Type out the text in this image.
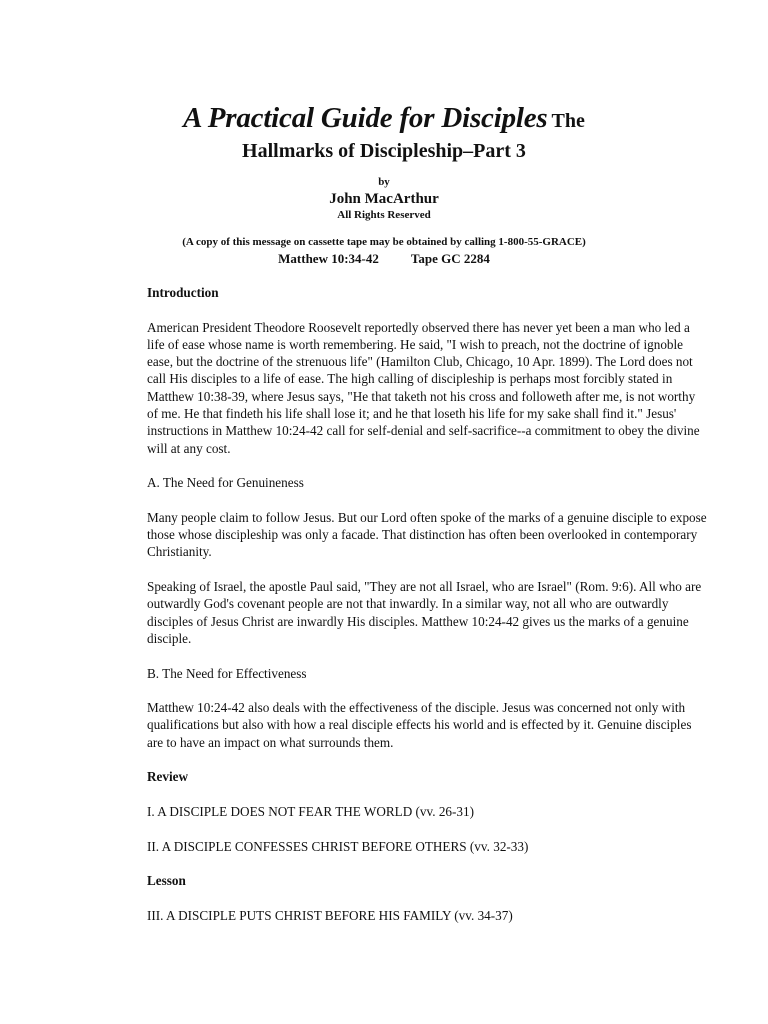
A Practical Guide for Disciples The
Hallmarks of Discipleship–Part 3
by
John MacArthur
All Rights Reserved
(A copy of this message on cassette tape may be obtained by calling 1-800-55-GRACE)
Matthew 10:34-42 Tape GC 2284

Introduction

American President Theodore Roosevelt reportedly observed there has never yet been a man who led a life of ease whose name is worth remembering. He said, "I wish to preach, not the doctrine of ignoble ease, but the doctrine of the strenuous life" (Hamilton Club, Chicago, 10 Apr. 1899). The Lord does not call His disciples to a life of ease. The high calling of discipleship is perhaps most forcibly stated in Matthew 10:38-39, where Jesus says, "He that taketh not his cross and followeth after me, is not worthy of me. He that findeth his life shall lose it; and he that loseth his life for my sake shall find it." Jesus' instructions in Matthew 10:24-42 call for self-denial and self-sacrifice--a commitment to obey the divine will at any cost.

A. The Need for Genuineness

Many people claim to follow Jesus. But our Lord often spoke of the marks of a genuine disciple to expose those whose discipleship was only a facade. That distinction has often been overlooked in contemporary Christianity.

Speaking of Israel, the apostle Paul said, "They are not all Israel, who are Israel" (Rom. 9:6). All who are outwardly God's covenant people are not that inwardly. In a similar way, not all who are outwardly disciples of Jesus Christ are inwardly His disciples. Matthew 10:24-42 gives us the marks of a genuine disciple.

B. The Need for Effectiveness

Matthew 10:24-42 also deals with the effectiveness of the disciple. Jesus was concerned not only with qualifications but also with how a real disciple effects his world and is effected by it. Genuine disciples are to have an impact on what surrounds them.

Review

I. A DISCIPLE DOES NOT FEAR THE WORLD (vv. 26-31)

II. A DISCIPLE CONFESSES CHRIST BEFORE OTHERS (vv. 32-33)

Lesson

III. A DISCIPLE PUTS CHRIST BEFORE HIS FAMILY (vv. 34-37)
